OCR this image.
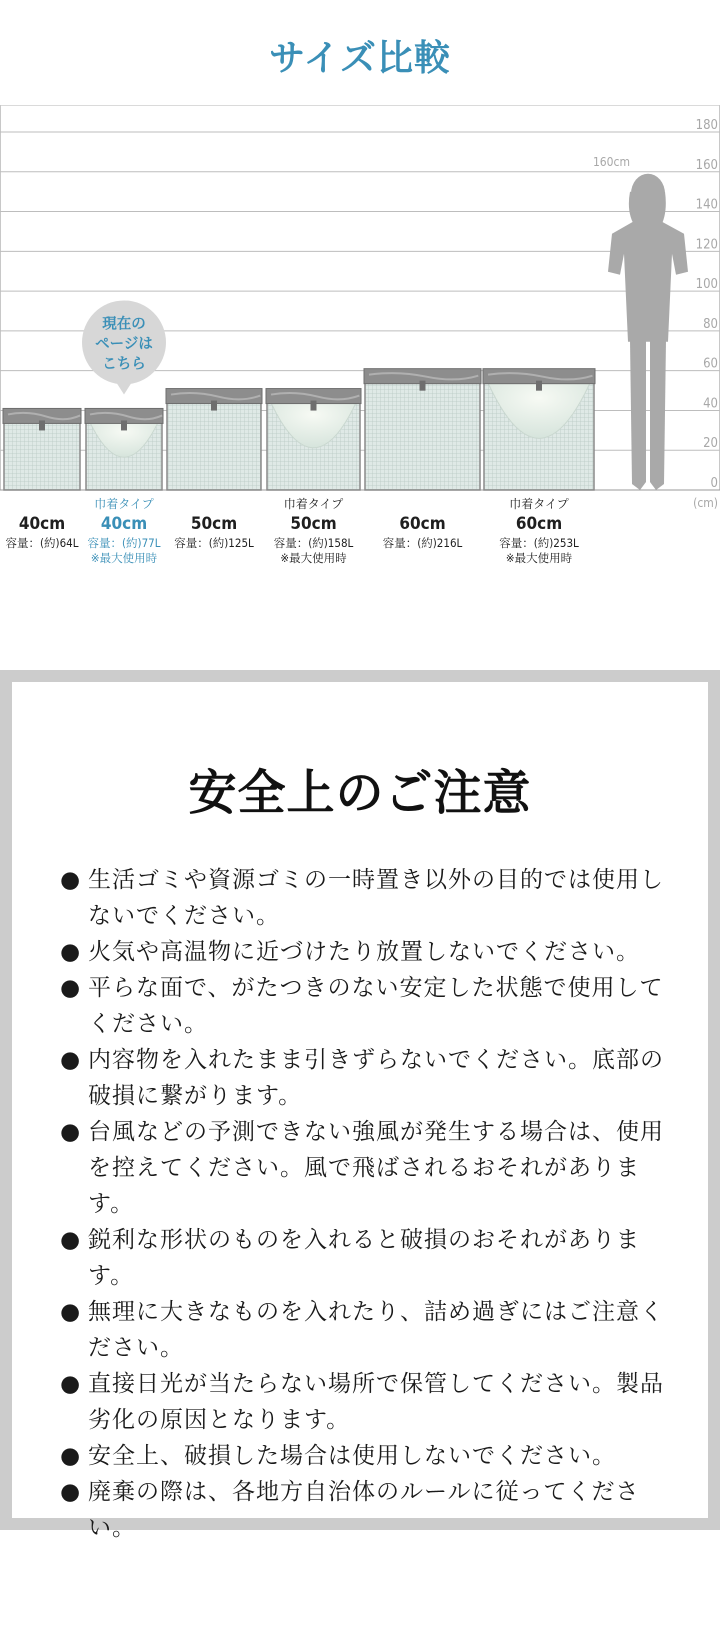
サイズ比較
0
20
40
60
80
100
120
140
160
180
(cm)
160cm
40cm
容量：(約)64L
巾着タイプ
40cm
容量：(約)77L
※最大使用時
50cm
容量：(約)125L
巾着タイプ
50cm
容量：(約)158L
※最大使用時
60cm
容量：(約)216L
巾着タイプ
60cm
容量：(約)253L
※最大使用時
現在の
ページは
こちら
安全上のご注意
● 生活ゴミや資源ゴミの一時置き以外の目的では使用しないでください。
● 火気や高温物に近づけたり放置しないでください。
● 平らな面で、がたつきのない安定した状態で使用してください。
● 内容物を入れたまま引きずらないでください。底部の破損に繋がります。
● 台風などの予測できない強風が発生する場合は、使用を控えてください。風で飛ばされるおそれがあります。
● 鋭利な形状のものを入れると破損のおそれがあります。
● 無理に大きなものを入れたり、詰め過ぎにはご注意ください。
● 直接日光が当たらない場所で保管してください。製品劣化の原因となります。
● 安全上、破損した場合は使用しないでください。
● 廃棄の際は、各地方自治体のルールに従ってください。
